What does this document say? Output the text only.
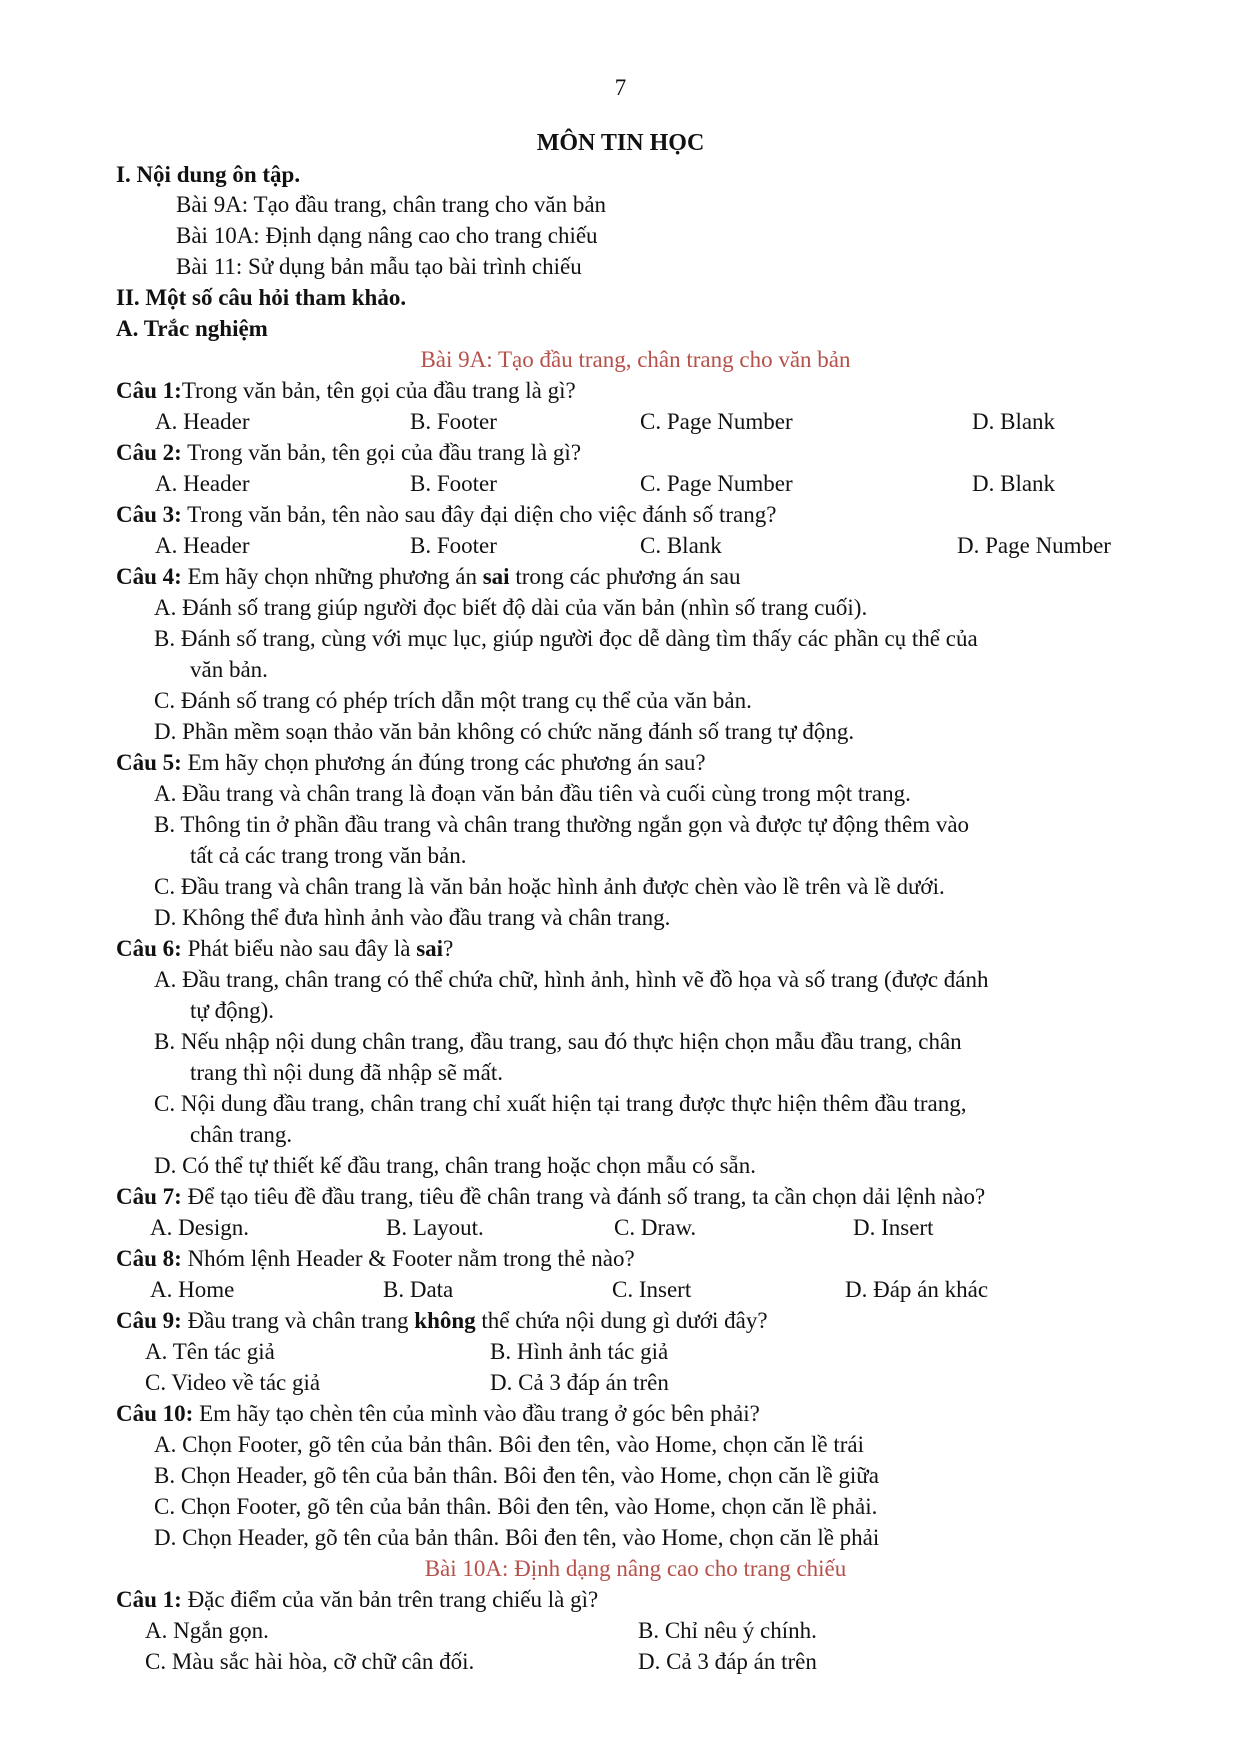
7
MÔN TIN HỌC
I. Nội dung ôn tập.
Bài 9A: Tạo đầu trang, chân trang cho văn bản
Bài 10A: Định dạng nâng cao cho trang chiếu
Bài 11: Sử dụng bản mẫu tạo bài trình chiếu
II. Một số câu hỏi tham khảo.
A. Trắc nghiệm
Bài 9A: Tạo đầu trang, chân trang cho văn bản
Câu 1:Trong văn bản, tên gọi của đầu trang là gì?
A. Header	B. Footer	C. Page Number	D. Blank
Câu 2: Trong văn bản, tên gọi của đầu trang là gì?
A. Header	B. Footer	C. Page Number	D. Blank
Câu 3: Trong văn bản, tên nào sau đây đại diện cho việc đánh số trang?
A. Header	B. Footer	C. Blank	D. Page Number
Câu 4: Em hãy chọn những phương án sai trong các phương án sau
A. Đánh số trang giúp người đọc biết độ dài của văn bản (nhìn số trang cuối).
B. Đánh số trang, cùng với mục lục, giúp người đọc dễ dàng tìm thấy các phần cụ thể của
văn bản.
C. Đánh số trang có phép trích dẫn một trang cụ thể của văn bản.
D. Phần mềm soạn thảo văn bản không có chức năng đánh số trang tự động.
Câu 5: Em hãy chọn phương án đúng trong các phương án sau?
A. Đầu trang và chân trang là đoạn văn bản đầu tiên và cuối cùng trong một trang.
B. Thông tin ở phần đầu trang và chân trang thường ngắn gọn và được tự động thêm vào
tất cả các trang trong văn bản.
C. Đầu trang và chân trang là văn bản hoặc hình ảnh được chèn vào lề trên và lề dưới.
D. Không thể đưa hình ảnh vào đầu trang và chân trang.
Câu 6: Phát biểu nào sau đây là sai?
A. Đầu trang, chân trang có thể chứa chữ, hình ảnh, hình vẽ đồ họa và số trang (được đánh
tự động).
B. Nếu nhập nội dung chân trang, đầu trang, sau đó thực hiện chọn mẫu đầu trang, chân
trang thì nội dung đã nhập sẽ mất.
C. Nội dung đầu trang, chân trang chỉ xuất hiện tại trang được thực hiện thêm đầu trang,
chân trang.
D. Có thể tự thiết kế đầu trang, chân trang hoặc chọn mẫu có sẵn.
Câu 7: Để tạo tiêu đề đầu trang, tiêu đề chân trang và đánh số trang, ta cần chọn dải lệnh nào?
A. Design.	B. Layout.	C. Draw.	D. Insert
Câu 8: Nhóm lệnh Header & Footer nằm trong thẻ nào?
A. Home	B. Data	C. Insert	D. Đáp án khác
Câu 9: Đầu trang và chân trang không thể chứa nội dung gì dưới đây?
A. Tên tác giả	B. Hình ảnh tác giả
C. Video về tác giả	D. Cả 3 đáp án trên
Câu 10: Em hãy tạo chèn tên của mình vào đầu trang ở góc bên phải?
A. Chọn Footer, gõ tên của bản thân. Bôi đen tên, vào Home, chọn căn lề trái
B. Chọn Header, gõ tên của bản thân. Bôi đen tên, vào Home, chọn căn lề giữa
C. Chọn Footer, gõ tên của bản thân. Bôi đen tên, vào Home, chọn căn lề phải.
D. Chọn Header, gõ tên của bản thân. Bôi đen tên, vào Home, chọn căn lề phải
Bài 10A: Định dạng nâng cao cho trang chiếu
Câu 1: Đặc điểm của văn bản trên trang chiếu là gì?
A. Ngắn gọn.	B. Chỉ nêu ý chính.
C. Màu sắc hài hòa, cỡ chữ cân đối.	D. Cả 3 đáp án trên
